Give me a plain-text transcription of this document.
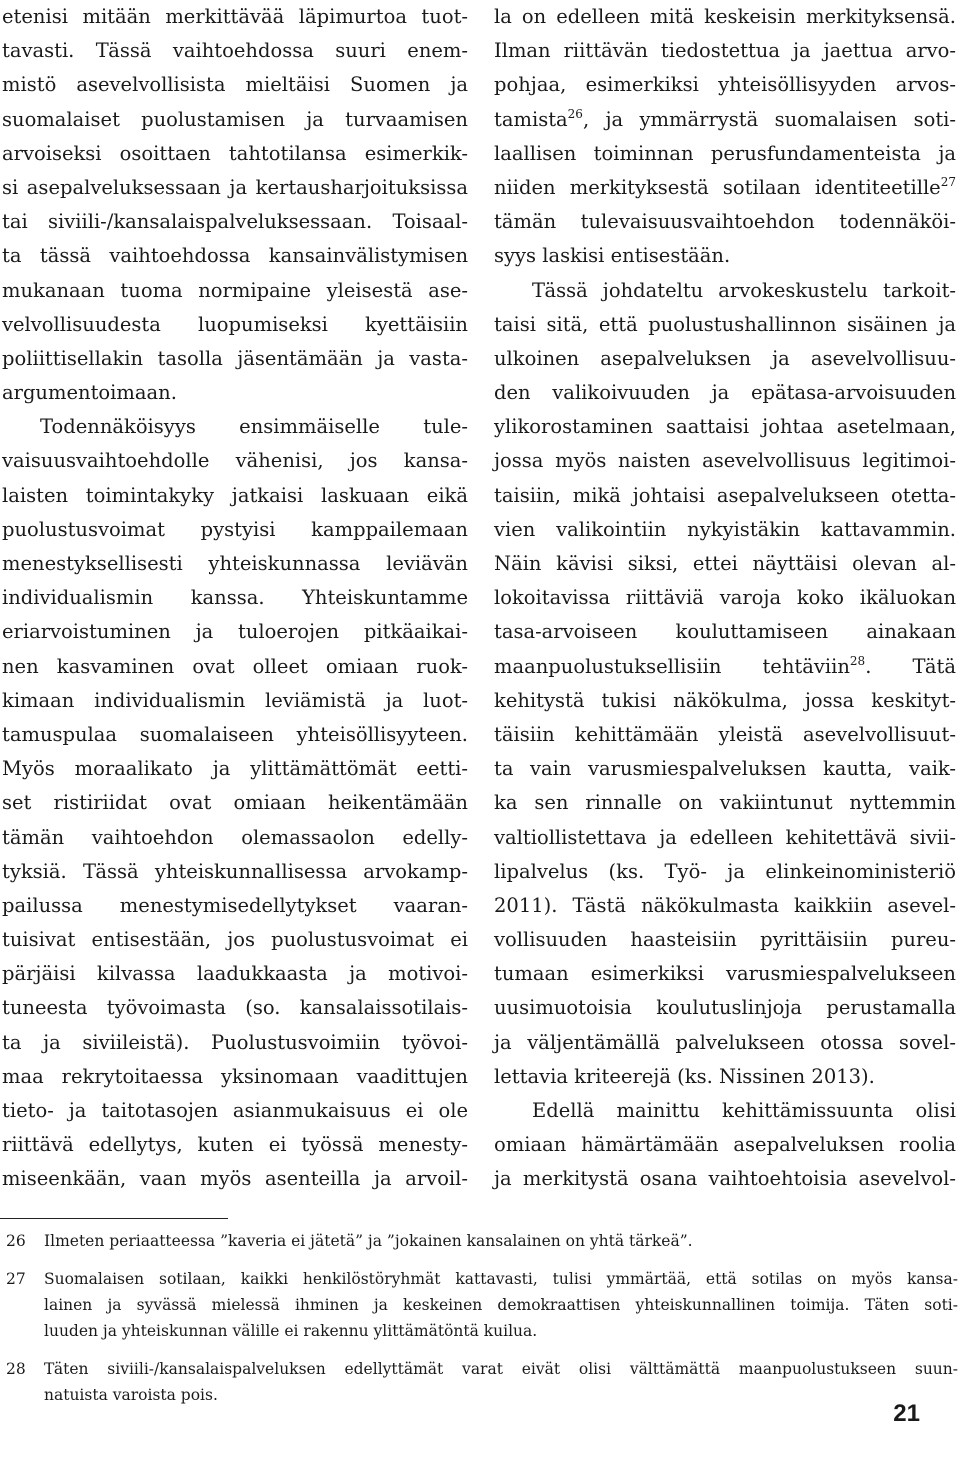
etenisi mitään merkittävää läpimurtoa tuot-
tavasti. Tässä vaihtoehdossa suuri enem-
mistö asevelvollisista mieltäisi Suomen ja
suomalaiset puolustamisen ja turvaamisen
arvoiseksi osoittaen tahtotilansa esimerkik-
si asepalveluksessaan ja kertausharjoituksissa
tai siviili-/kansalaispalveluksessaan. Toisaal-
ta tässä vaihtoehdossa kansainvälistymisen
mukanaan tuoma normipaine yleisestä ase-
velvollisuudesta luopumiseksi kyettäisiin
poliittisellakin tasolla jäsentämään ja vasta-
argumentoimaan.
Todennäköisyys ensimmäiselle tule-
vaisuusvaihtoehdolle vähenisi, jos kansa-
laisten toimintakyky jatkaisi laskuaan eikä
puolustusvoimat pystyisi kamppailemaan
menestyksellisesti yhteiskunnassa leviävän
individualismin kanssa. Yhteiskuntamme
eriarvoistuminen ja tuloerojen pitkäaikai-
nen kasvaminen ovat olleet omiaan ruok-
kimaan individualismin leviämistä ja luot-
tamuspulaa suomalaiseen yhteisöllisyyteen.
Myös moraalikato ja ylittämättömät eetti-
set ristiriidat ovat omiaan heikentämään
tämän vaihtoehdon olemassaolon edelly-
tyksiä. Tässä yhteiskunnallisessa arvokamp-
pailussa menestymisedellytykset vaaran-
tuisivat entisestään, jos puolustusvoimat ei
pärjäisi kilvassa laadukkaasta ja motivoi-
tuneesta työvoimasta (so. kansalaissotilais-
ta ja siviileistä). Puolustusvoimiin työvoi-
maa rekrytoitaessa yksinomaan vaadittujen
tieto- ja taitotasojen asianmukaisuus ei ole
riittävä edellytys, kuten ei työssä menesty-
miseenkään, vaan myös asenteilla ja arvoil-
la on edelleen mitä keskeisin merkityksensä.
Ilman riittävän tiedostettua ja jaettua arvo-
pohjaa, esimerkiksi yhteisöllisyyden arvos-
tamista$^{26}$, ja ymmärrystä suomalaisen soti-
laallisen toiminnan perusfundamenteista ja
niiden merkityksestä sotilaan identiteetille$^{27}$
tämän tulevaisuusvaihtoehdon todennäköi-
syys laskisi entisestään.
Tässä johdateltu arvokeskustelu tarkoit-
taisi sitä, että puolustushallinnon sisäinen ja
ulkoinen asepalveluksen ja asevelvollisuu-
den valikoivuuden ja epätasa-arvoisuuden
ylikorostaminen saattaisi johtaa asetelmaan,
jossa myös naisten asevelvollisuus legitimoi-
taisiin, mikä johtaisi asepalvelukseen otetta-
vien valikointiin nykyistäkin kattavammin.
Näin kävisi siksi, ettei näyttäisi olevan al-
lokoitavissa riittäviä varoja koko ikäluokan
tasa-arvoiseen kouluttamiseen ainakaan
maanpuolustuksellisiin tehtäviin$^{28}$. Tätä
kehitystä tukisi näkökulma, jossa keskityt-
täisiin kehittämään yleistä asevelvollisuut-
ta vain varusmiespalveluksen kautta, vaik-
ka sen rinnalle on vakiintunut nyttemmin
valtiollistettava ja edelleen kehitettävä sivii-
lipalvelus (ks. Työ- ja elinkeinoministeriö
2011). Tästä näkökulmasta kaikkiin asevel-
vollisuuden haasteisiin pyrittäisiin pureu-
tumaan esimerkiksi varusmiespalvelukseen
uusimuotoisia koulutuslinjoja perustamalla
ja väljentämällä palvelukseen otossa sovel-
lettavia kriteerejä (ks. Nissinen 2013).
Edellä mainittu kehittämissuunta olisi
omiaan hämärtämään asepalveluksen roolia
ja merkitystä osana vaihtoehtoisia asevelvol-
26 Ilmeten periaatteessa ”kaveria ei jätetä” ja ”jokainen kansalainen on yhtä tärkeä”.
27 Suomalaisen sotilaan, kaikki henkilöstöryhmät kattavasti, tulisi ymmärtää, että sotilas on myös kansa-
lainen ja syvässä mielessä ihminen ja keskeinen demokraattisen yhteiskunnallinen toimija. Täten soti-
luuden ja yhteiskunnan välille ei rakennu ylittämätöntä kuilua.
28 Täten siviili-/kansalaispalveluksen edellyttämät varat eivät olisi välttämättä maanpuolustukseen suun-
natuista varoista pois.
21
